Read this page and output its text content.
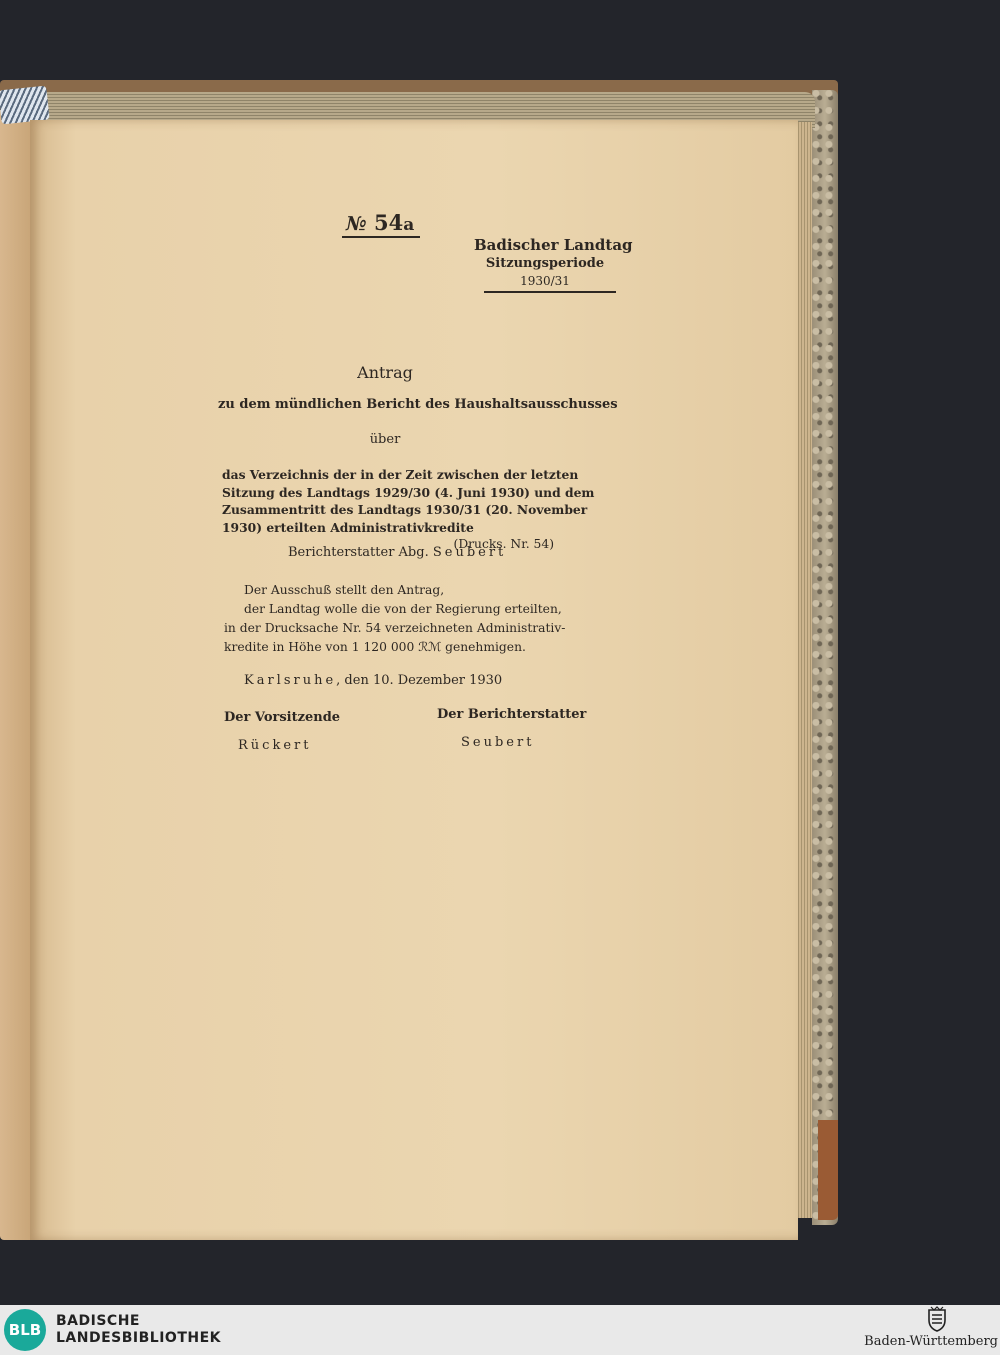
№ 54a
Badischer Landtag
Sitzungsperiode
1930/31
Antrag
zu dem mündlichen Bericht des Haushaltsausschusses
über
das Verzeichnis der in der Zeit zwischen der letzten
Sitzung des Landtags 1929/30 (4. Juni 1930) und dem
Zusammentritt des Landtags 1930/31 (20. November
1930) erteilten Administrativkredite
(Drucks. Nr. 54)
Berichterstatter Abg. Seubert
Der Ausschuß stellt den Antrag,
der Landtag wolle die von der Regierung erteilten,
in der Drucksache Nr. 54 verzeichneten Administrativ-
kredite in Höhe von 1 120 000 ℛℳ genehmigen.
Karlsruhe, den 10. Dezember 1930
Der Vorsitzende	Der Berichterstatter
Rückert	Seubert
BLB	BADISCHE
LANDESBIBLIOTHEK	Baden-Württemberg
